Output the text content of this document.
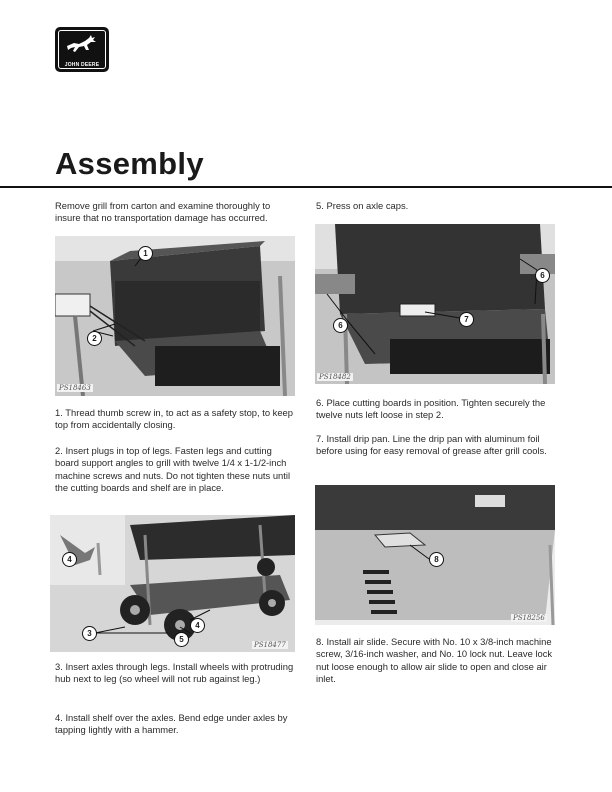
JOHN DEERE
Assembly
Remove grill from carton and examine thoroughly to insure that no transportation damage has occurred.
1
2
PS18463
1. Thread thumb screw in, to act as a safety stop, to keep top from accidentally closing.
2. Insert plugs in top of legs. Fasten legs and cutting board support angles to grill with twelve 1/4 x 1-1/2-inch machine screws and nuts. Do not tighten these nuts until the cutting boards and shelf are in place.
4
3
4
5
PS18477
3. Insert axles through legs. Install wheels with protruding hub next to leg (so wheel will not rub against leg.)
4. Install shelf over the axles. Bend edge under axles by tapping lightly with a hammer.
5. Press on axle caps.
6
6
7
PS18482
6. Place cutting boards in position. Tighten securely the twelve nuts left loose in step 2.
7. Install drip pan. Line the drip pan with aluminum foil before using for easy removal of grease after grill cools.
8
PS18256
8. Install air slide. Secure with No. 10 x 3/8-inch machine screw, 3/16-inch washer, and No. 10 lock nut. Leave lock nut loose enough to allow air slide to open and close air inlet.
